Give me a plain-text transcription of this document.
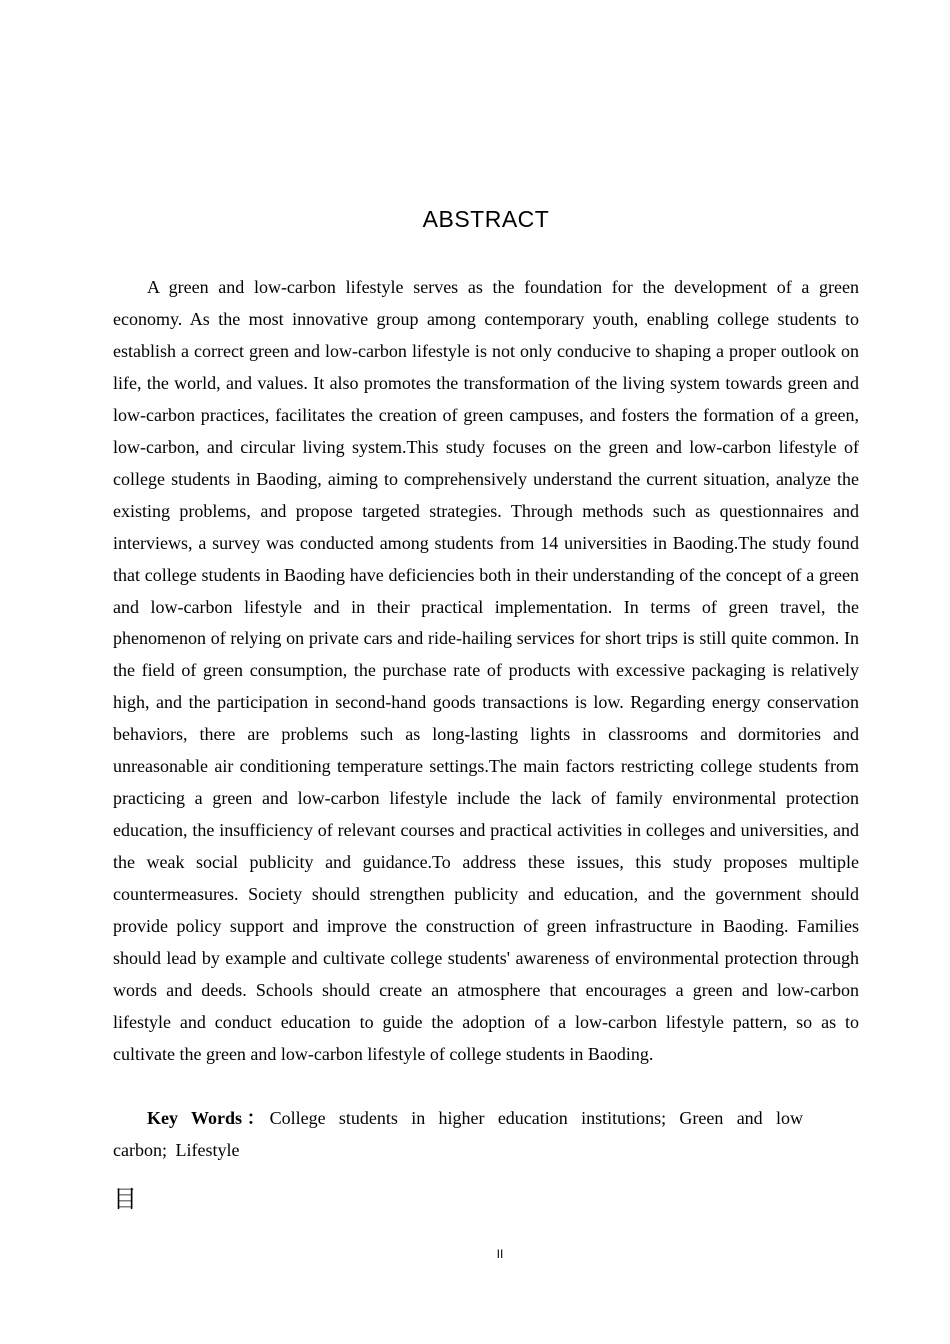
ABSTRACT

A green and low-carbon lifestyle serves as the foundation for the development of a green economy. As the most innovative group among contemporary youth, enabling college students to establish a correct green and low-carbon lifestyle is not only conducive to shaping a proper outlook on life, the world, and values. It also promotes the transformation of the living system towards green and low-carbon practices, facilitates the creation of green campuses, and fosters the formation of a green, low-carbon, and circular living system.This study focuses on the green and low-carbon lifestyle of college students in Baoding, aiming to comprehensively understand the current situation, analyze the existing problems, and propose targeted strategies. Through methods such as questionnaires and interviews, a survey was conducted among students from 14 universities in Baoding.The study found that college students in Baoding have deficiencies both in their understanding of the concept of a green and low-carbon lifestyle and in their practical implementation. In terms of green travel, the phenomenon of relying on private cars and ride-hailing services for short trips is still quite common. In the field of green consumption, the purchase rate of products with excessive packaging is relatively high, and the participation in second-hand goods transactions is low. Regarding energy conservation behaviors, there are problems such as long-lasting lights in classrooms and dormitories and unreasonable air conditioning temperature settings.The main factors restricting college students from practicing a green and low-carbon lifestyle include the lack of family environmental protection education, the insufficiency of relevant courses and practical activities in colleges and universities, and the weak social publicity and guidance.To address these issues, this study proposes multiple countermeasures. Society should strengthen publicity and education, and the government should provide policy support and improve the construction of green infrastructure in Baoding. Families should lead by example and cultivate college students' awareness of environmental protection through words and deeds. Schools should create an atmosphere that encourages a green and low-carbon lifestyle and conduct education to guide the adoption of a low-carbon lifestyle pattern, so as to cultivate the green and low-carbon lifestyle of college students in Baoding.

Key Words：College students in higher education institutions; Green and low carbon; Lifestyle

目
II
